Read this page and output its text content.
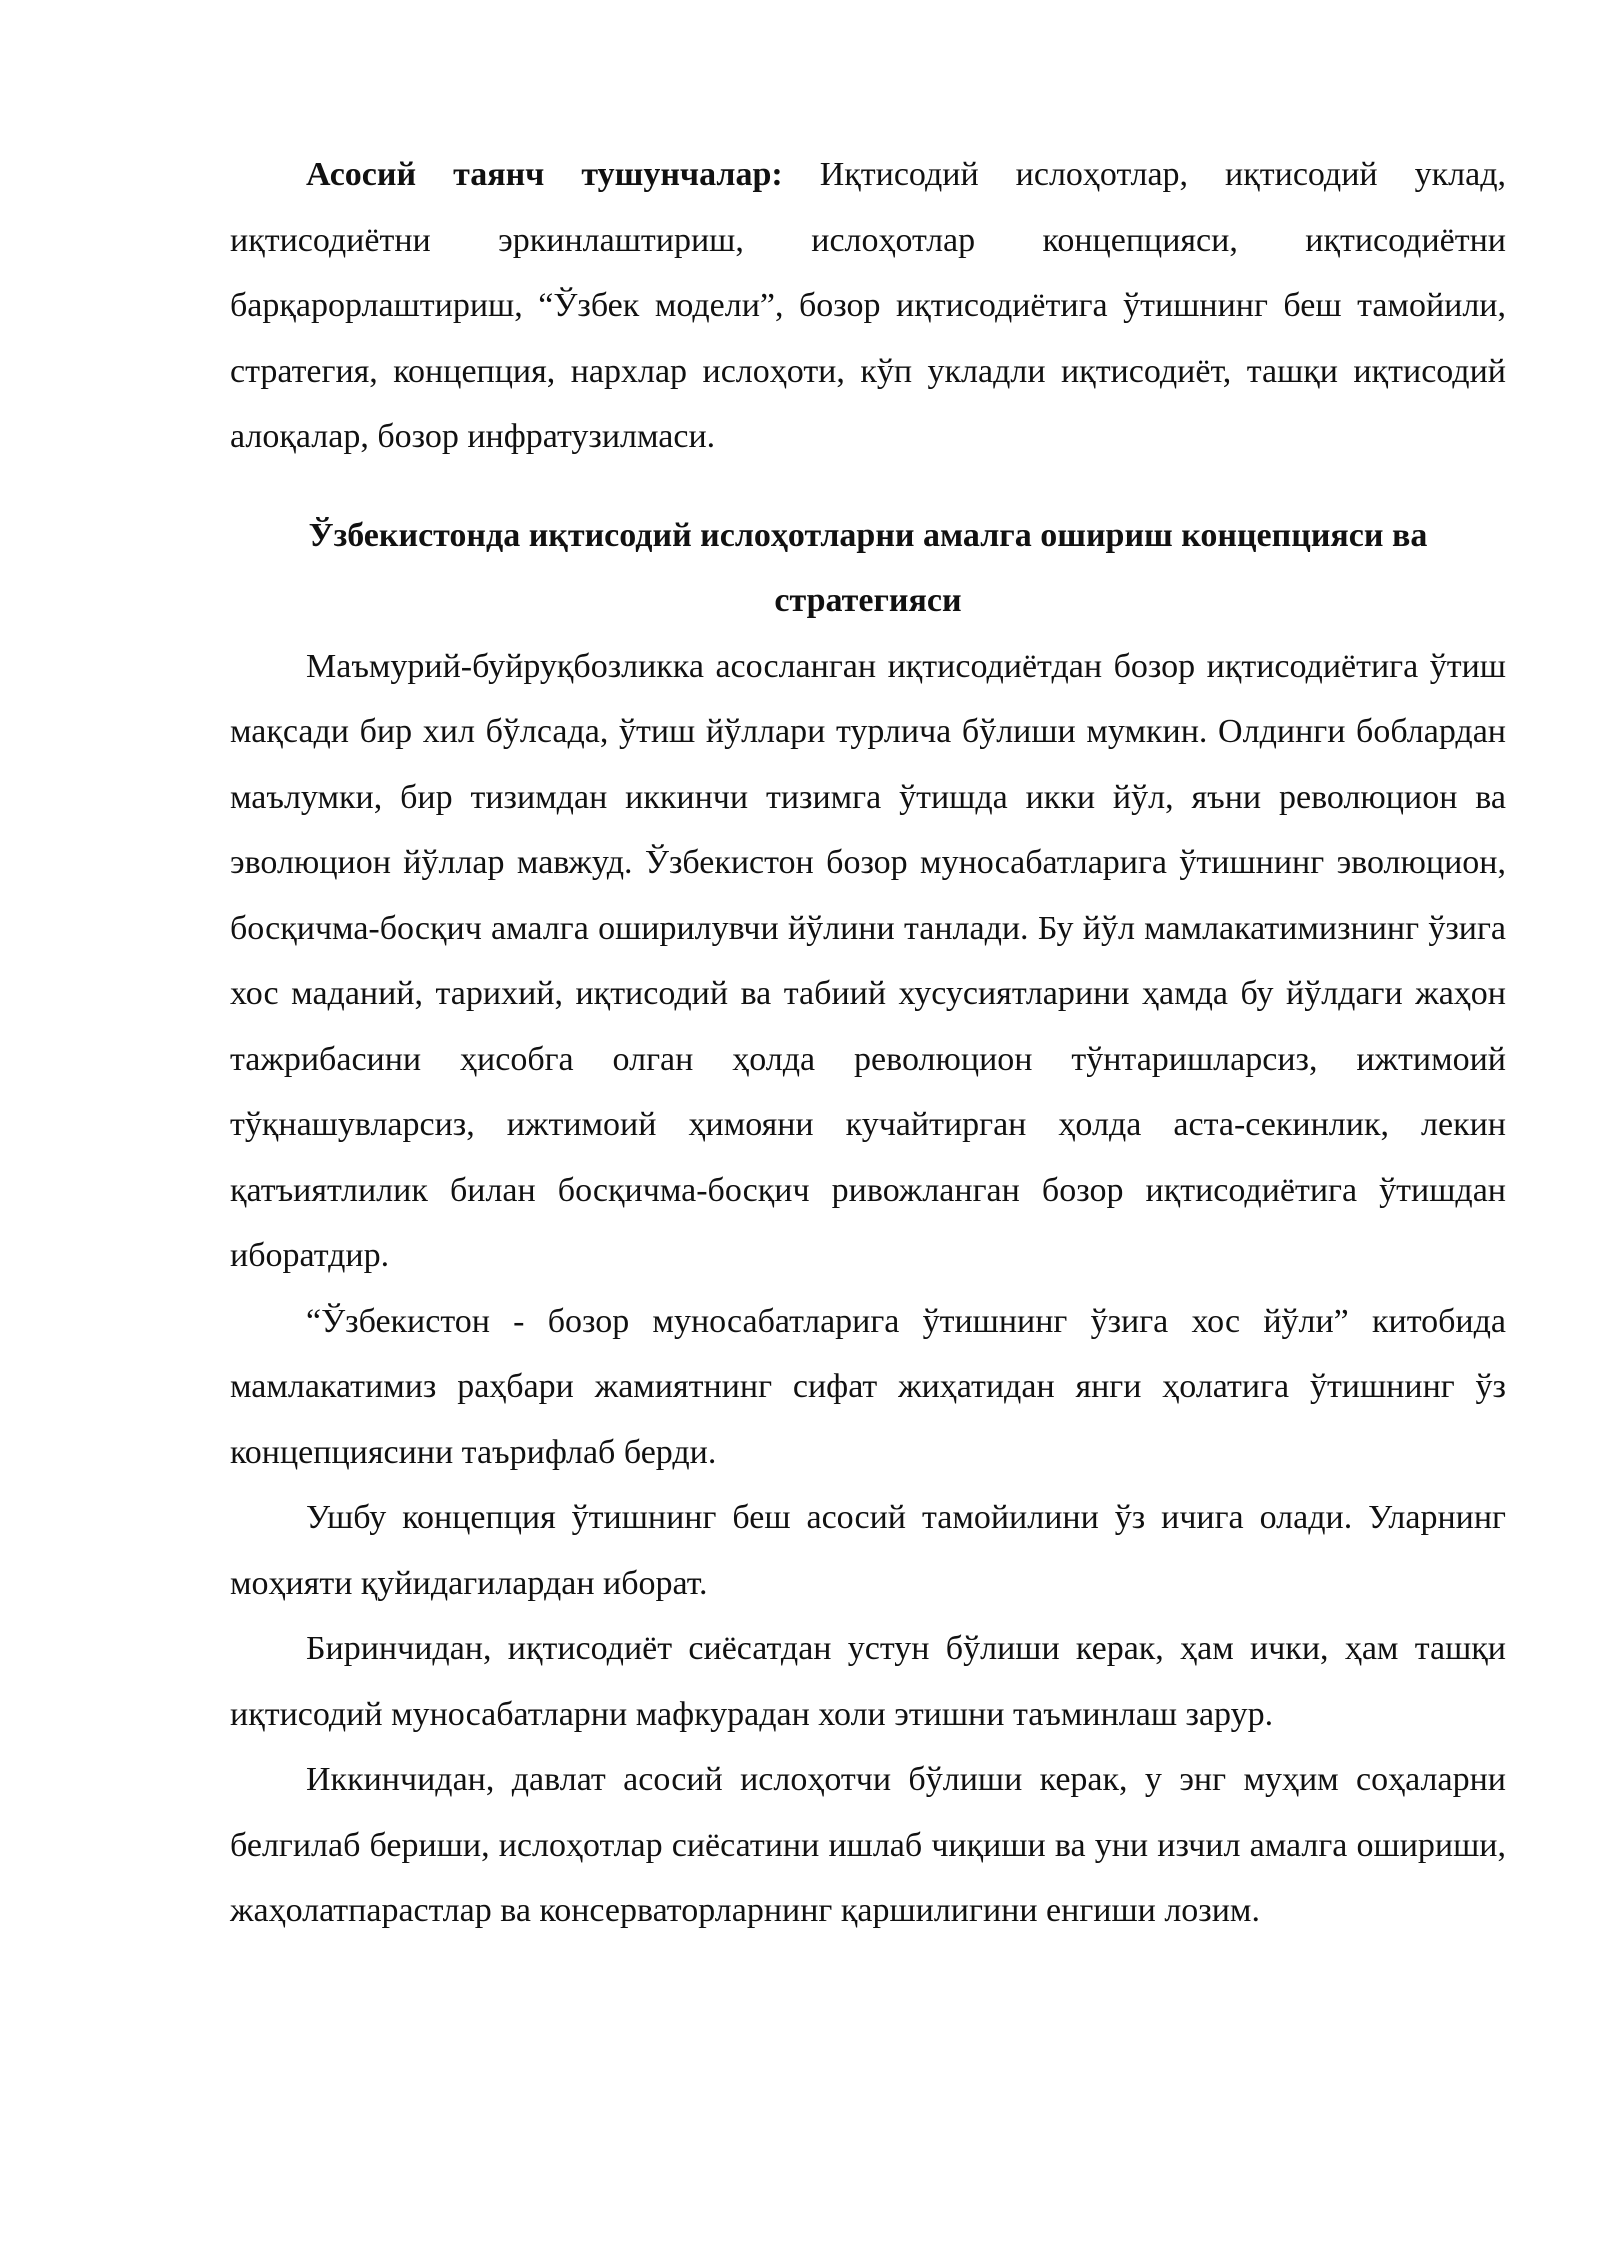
Асосий таянч тушунчалар: Иқтисодий ислоҳотлар, иқтисодий уклад, иқтисодиётни эркинлаштириш, ислоҳотлар концепцияси, иқтисодиётни барқарорлаштириш, “Ўзбек модели”, бозор иқтисодиётига ўтишнинг беш тамойили, стратегия, концепция, нархлар ислоҳоти, кўп укладли иқтисодиёт, ташқи иқтисодий алоқалар, бозор инфратузилмаси.

Ўзбекистонда иқтисодий ислоҳотларни амалга ошириш концепцияси ва
стратегияси

Маъмурий-буйруқбозликка асосланган иқтисодиётдан бозор иқтисодиётига ўтиш мақсади бир хил бўлсада, ўтиш йўллари турлича бўлиши мумкин. Олдинги боблардан маълумки, бир тизимдан иккинчи тизимга ўтишда икки йўл, яъни революцион ва эволюцион йўллар мавжуд. Ўзбекистон бозор муносабатларига ўтишнинг эволюцион, босқичма-босқич амалга оширилувчи йўлини танлади. Бу йўл мамлакатимизнинг ўзига хос маданий, тарихий, иқтисодий ва табиий хусусиятларини ҳамда бу йўлдаги жаҳон тажрибасини ҳисобга олган ҳолда революцион тўнтаришларсиз, ижтимоий тўқнашувларсиз, ижтимоий ҳимояни кучайтирган ҳолда аста-секинлик, лекин қатъиятлилик билан босқичма-босқич ривожланган бозор иқтисодиётига ўтишдан иборатдир.

“Ўзбекистон - бозор муносабатларига ўтишнинг ўзига хос йўли” китобида мамлакатимиз раҳбари жамиятнинг сифат жиҳатидан янги ҳолатига ўтишнинг ўз концепциясини таърифлаб берди.

Ушбу концепция ўтишнинг беш асосий тамойилини ўз ичига олади. Уларнинг моҳияти қуйидагилардан иборат.

Биринчидан, иқтисодиёт сиёсатдан устун бўлиши керак, ҳам ички, ҳам ташқи иқтисодий муносабатларни мафкурадан холи этишни таъминлаш зарур.

Иккинчидан, давлат асосий ислоҳотчи бўлиши керак, у энг муҳим соҳаларни белгилаб бериши, ислоҳотлар сиёсатини ишлаб чиқиши ва уни изчил амалга ошириши, жаҳолатпарастлар ва консерваторларнинг қаршилигини енгиши лозим.
